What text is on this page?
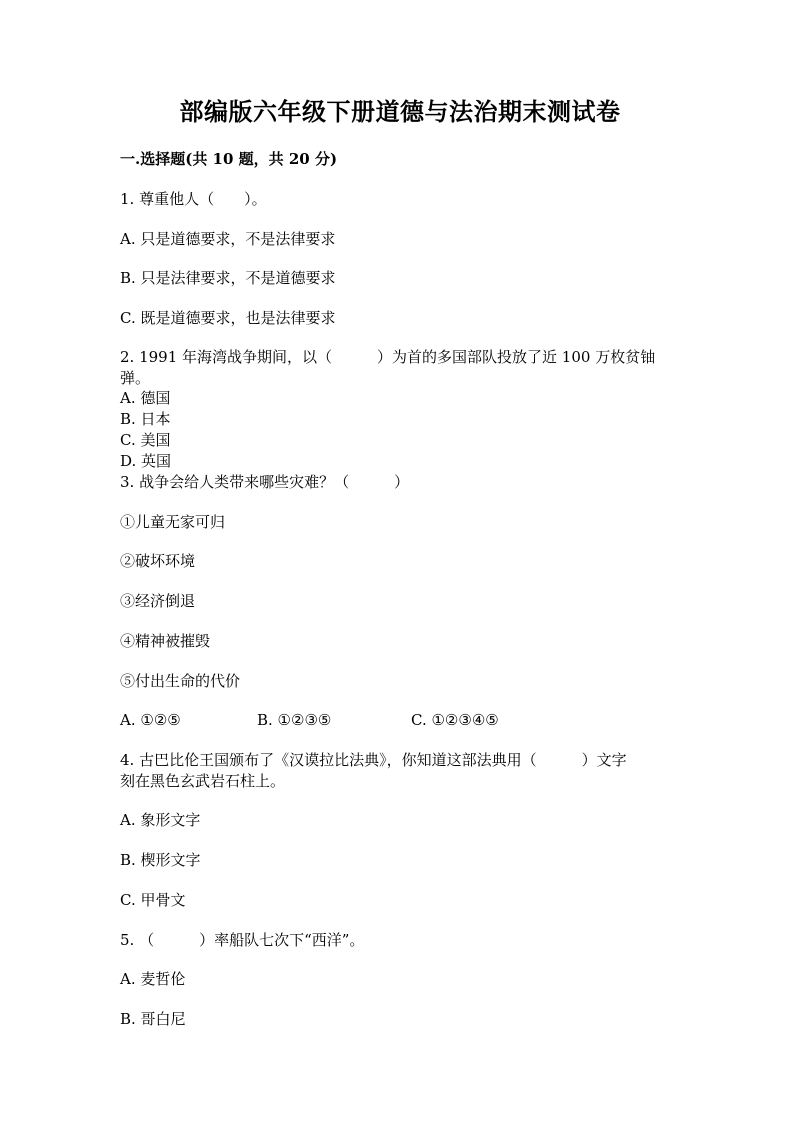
部编版六年级下册道德与法治期末测试卷
一.选择题(共 10 题，共 20 分)
1. 尊重他人（　　）。
A. 只是道德要求，不是法律要求
B. 只是法律要求，不是道德要求
C. 既是道德要求，也是法律要求
2. 1991 年海湾战争期间，以（　　　）为首的多国部队投放了近 100 万枚贫铀
弹。
A. 德国
B. 日本
C. 美国
D. 英国
3. 战争会给人类带来哪些灾难？（　　　）
①儿童无家可归
②破坏环境
③经济倒退
④精神被摧毁
⑤付出生命的代价
A. ①②⑤	B. ①②③⑤	C. ①②③④⑤
4. 古巴比伦王国颁布了《汉谟拉比法典》，你知道这部法典用（　　　）文字
刻在黑色玄武岩石柱上。
A. 象形文字
B. 楔形文字
C. 甲骨文
5. （　　　）率船队七次下“西洋”。
A. 麦哲伦
B. 哥白尼
